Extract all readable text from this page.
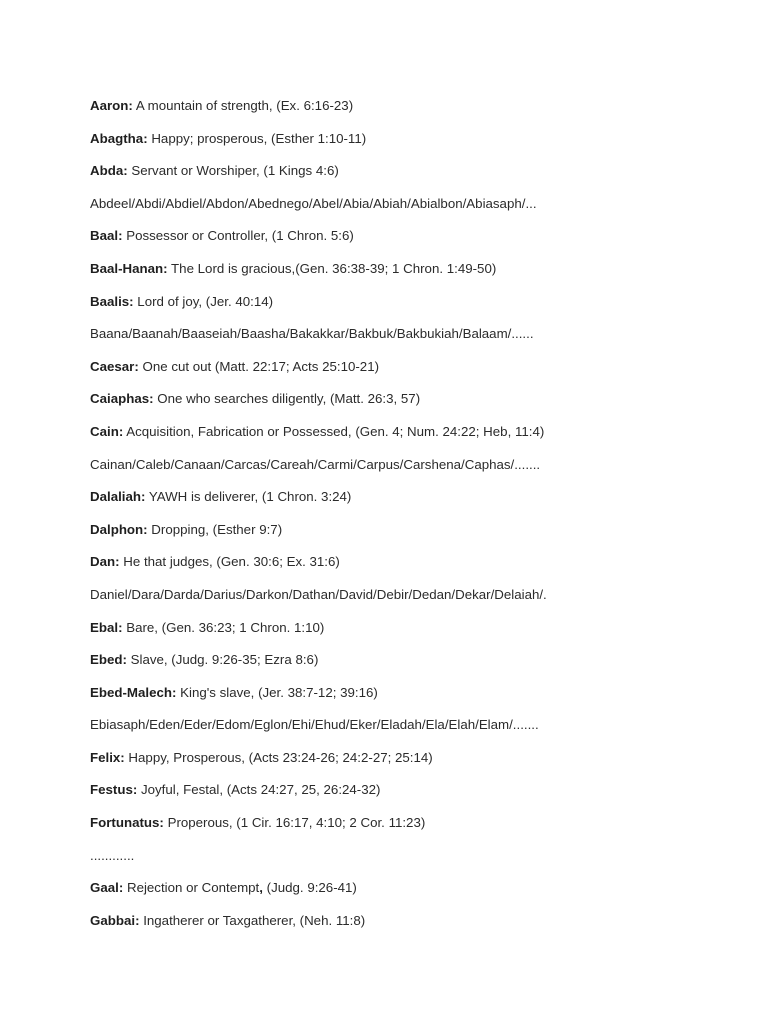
Aaron: A mountain of strength, (Ex. 6:16-23)
Abagtha: Happy; prosperous, (Esther 1:10-11)
Abda: Servant or Worshiper, (1 Kings 4:6)
Abdeel/Abdi/Abdiel/Abdon/Abednego/Abel/Abia/Abiah/Abialbon/Abiasaph/...
Baal: Possessor or Controller, (1 Chron. 5:6)
Baal-Hanan: The Lord is gracious,(Gen. 36:38-39; 1 Chron. 1:49-50)
Baalis: Lord of joy, (Jer. 40:14)
Baana/Baanah/Baaseiah/Baasha/Bakakkar/Bakbuk/Bakbukiah/Balaam/......
Caesar: One cut out (Matt. 22:17; Acts 25:10-21)
Caiaphas: One who searches diligently, (Matt. 26:3, 57)
Cain: Acquisition, Fabrication or Possessed, (Gen. 4; Num. 24:22; Heb, 11:4)
Cainan/Caleb/Canaan/Carcas/Careah/Carmi/Carpus/Carshena/Caphas/.......
Dalaliah: YAWH is deliverer, (1 Chron. 3:24)
Dalphon: Dropping, (Esther 9:7)
Dan: He that judges, (Gen. 30:6; Ex. 31:6)
Daniel/Dara/Darda/Darius/Darkon/Dathan/David/Debir/Dedan/Dekar/Delaiah/.
Ebal: Bare, (Gen. 36:23; 1 Chron. 1:10)
Ebed: Slave, (Judg. 9:26-35; Ezra 8:6)
Ebed-Malech: King's slave, (Jer. 38:7-12; 39:16)
Ebiasaph/Eden/Eder/Edom/Eglon/Ehi/Ehud/Eker/Eladah/Ela/Elah/Elam/.......
Felix: Happy, Prosperous, (Acts 23:24-26; 24:2-27; 25:14)
Festus: Joyful, Festal, (Acts 24:27, 25, 26:24-32)
Fortunatus: Properous, (1 Cir. 16:17, 4:10; 2 Cor. 11:23)
............
Gaal: Rejection or Contempt, (Judg. 9:26-41)
Gabbai: Ingatherer or Taxgatherer, (Neh. 11:8)
